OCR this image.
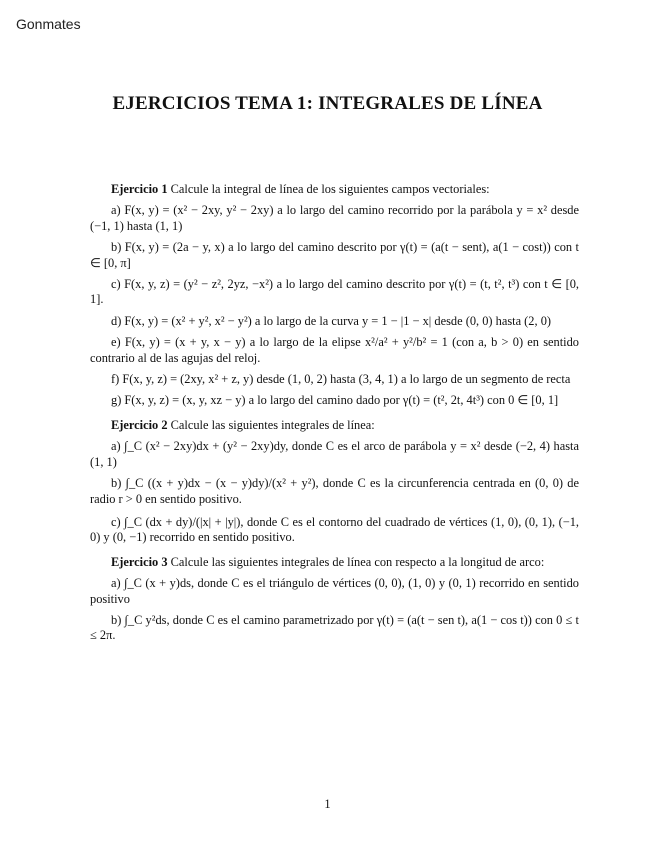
Gonmates
EJERCICIOS TEMA 1: INTEGRALES DE LÍNEA

Ejercicio 1 Calcule la integral de línea de los siguientes campos vectoriales:

a) F(x, y) = (x² − 2xy, y² − 2xy) a lo largo del camino recorrido por la parábola y = x² desde (−1, 1) hasta (1, 1)

b) F(x, y) = (2a − y, x) a lo largo del camino descrito por γ(t) = (a(t − sent), a(1 − cost)) con t ∈ [0, π]

c) F(x, y, z) = (y² − z², 2yz, −x²) a lo largo del camino descrito por γ(t) = (t, t², t³) con t ∈ [0, 1].

d) F(x, y) = (x² + y², x² − y²) a lo largo de la curva y = 1 − |1 − x| desde (0, 0) hasta (2, 0)

e) F(x, y) = (x + y, x − y) a lo largo de la elipse x²/a² + y²/b² = 1 (con a, b > 0) en sentido contrario al de las agujas del reloj.

f) F(x, y, z) = (2xy, x² + z, y) desde (1, 0, 2) hasta (3, 4, 1) a lo largo de un segmento de recta

g) F(x, y, z) = (x, y, xz − y) a lo largo del camino dado por γ(t) = (t², 2t, 4t³) con 0 ∈ [0, 1]

Ejercicio 2 Calcule las siguientes integrales de línea:

a) ∫_C (x² − 2xy)dx + (y² − 2xy)dy, donde C es el arco de parábola y = x² desde (−2, 4) hasta (1, 1)

b) ∫_C ((x + y)dx − (x − y)dy)/(x² + y²), donde C es la circunferencia centrada en (0, 0) de radio r > 0 en sentido positivo.

c) ∫_C (dx + dy)/(|x| + |y|), donde C es el contorno del cuadrado de vértices (1, 0), (0, 1), (−1, 0) y (0, −1) recorrido en sentido positivo.

Ejercicio 3 Calcule las siguientes integrales de línea con respecto a la longitud de arco:

a) ∫_C (x + y)ds, donde C es el triángulo de vértices (0, 0), (1, 0) y (0, 1) recorrido en sentido positivo

b) ∫_C y²ds, donde C es el camino parametrizado por γ(t) = (a(t − sen t), a(1 − cos t)) con 0 ≤ t ≤ 2π.

1
